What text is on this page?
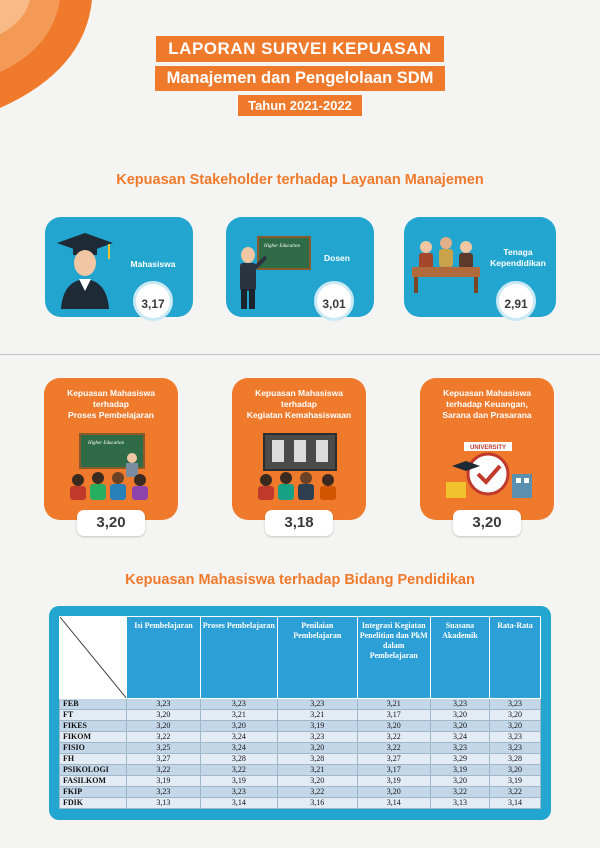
LAPORAN SURVEI KEPUASAN
Manajemen dan Pengelolaan SDM
Tahun 2021-2022
Kepuasan Stakeholder terhadap Layanan Manajemen
Mahasiswa
3,17
Higher Education
Dosen
3,01
Tenaga Kependidikan
2,91
Kepuasan Mahasiswa
terhadap
Proses Pembelajaran
Higher Education
3,20
Kepuasan Mahasiswa
terhadap
Kegiatan Kemahasiswaan
3,18
Kepuasan Mahasiswa
terhadap Keuangan,
Sarana dan Prasarana
UNIVERSITY
3,20
Kepuasan Mahasiswa terhadap Bidang Pendidikan
	Isi Pembelajaran	Proses Pembelajaran	Penilaian Pembelajaran	Integrasi Kegiatan Penelitian dan PkM dalam Pembelajaran	Suasana Akademik	Rata-Rata
FEB	3,23	3,23	3,23	3,21	3,23	3,23
FT	3,20	3,21	3,21	3,17	3,20	3,20
FIKES	3,20	3,20	3,19	3,20	3,20	3,20
FIKOM	3,22	3,24	3,23	3,22	3,24	3,23
FISIO	3,25	3,24	3,20	3,22	3,23	3,23
FH	3,27	3,28	3,28	3,27	3,29	3,28
PSIKOLOGI	3,22	3,22	3,21	3,17	3,19	3,20
FASILKOM	3,19	3,19	3,20	3,19	3,20	3,19
FKIP	3,23	3,23	3,22	3,20	3,22	3,22
FDIK	3,13	3,14	3,16	3,14	3,13	3,14
